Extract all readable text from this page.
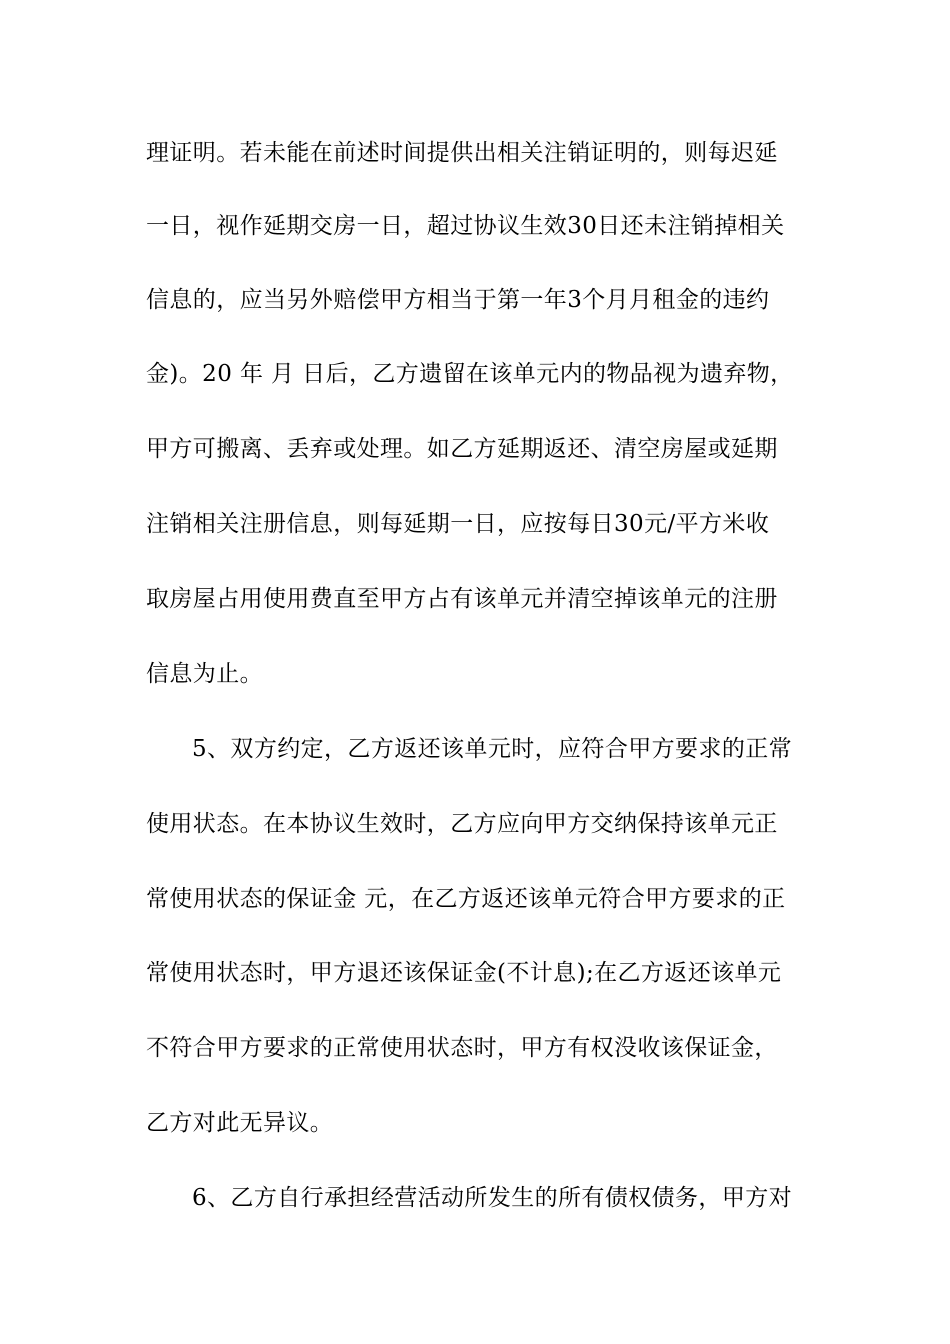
理证明。若未能在前述时间提供出相关注销证明的，则每迟延
一日，视作延期交房一日，超过协议生效30日还未注销掉相关
信息的，应当另外赔偿甲方相当于第一年3个月月租金的违约
金)。20 年 月 日后，乙方遗留在该单元内的物品视为遗弃物，
甲方可搬离、丢弃或处理。如乙方延期返还、清空房屋或延期
注销相关注册信息，则每延期一日，应按每日30元/平方米收
取房屋占用使用费直至甲方占有该单元并清空掉该单元的注册
信息为止。
5、双方约定，乙方返还该单元时，应符合甲方要求的正常
使用状态。在本协议生效时，乙方应向甲方交纳保持该单元正
常使用状态的保证金 元，在乙方返还该单元符合甲方要求的正
常使用状态时，甲方退还该保证金(不计息);在乙方返还该单元
不符合甲方要求的正常使用状态时，甲方有权没收该保证金，
乙方对此无异议。
6、乙方自行承担经营活动所发生的所有债权债务，甲方对
